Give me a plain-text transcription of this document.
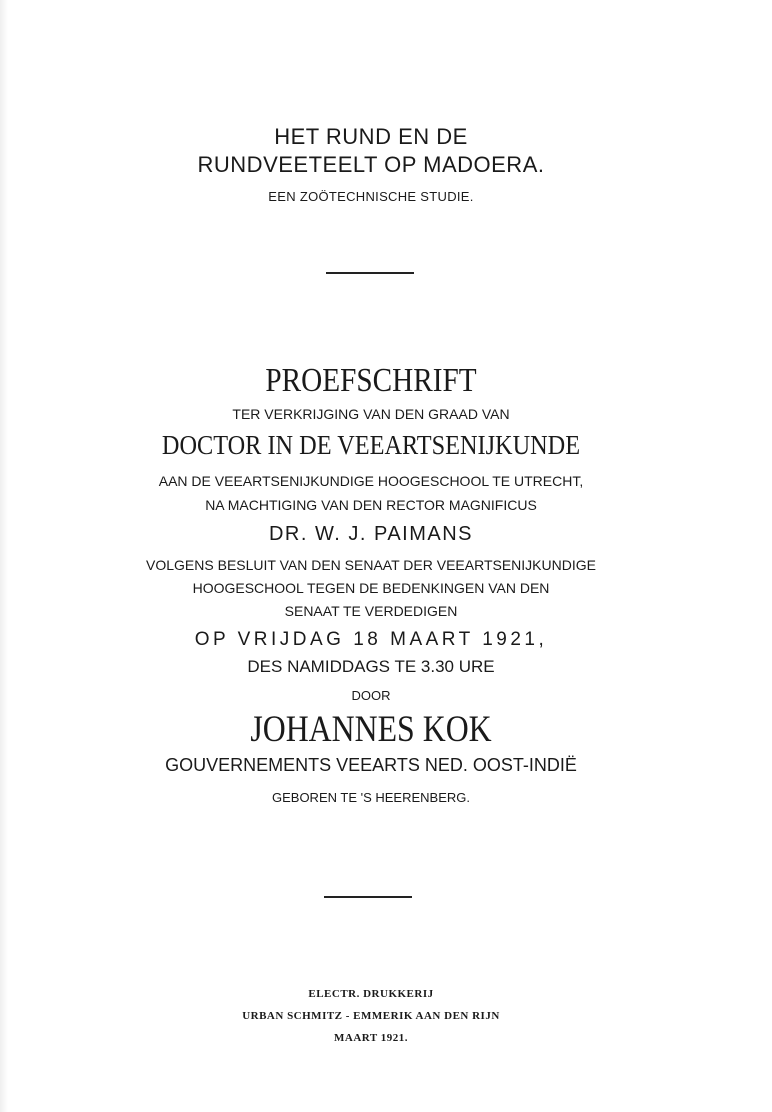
HET RUND EN DE
RUNDVEETEELT OP MADOERA.
EEN ZOÖTECHNISCHE STUDIE.
PROEFSCHRIFT
TER VERKRIJGING VAN DEN GRAAD VAN
DOCTOR IN DE VEEARTSENIJKUNDE
AAN DE VEEARTSENIJKUNDIGE HOOGESCHOOL TE UTRECHT,
NA MACHTIGING VAN DEN RECTOR MAGNIFICUS
DR. W. J. PAIMANS
VOLGENS BESLUIT VAN DEN SENAAT DER VEEARTSENIJKUNDIGE
HOOGESCHOOL TEGEN DE BEDENKINGEN VAN DEN
SENAAT TE VERDEDIGEN
OP VRIJDAG 18 MAART 1921,
DES NAMIDDAGS TE 3.30 URE
DOOR
JOHANNES KOK
GOUVERNEMENTS VEEARTS NED. OOST-INDIË
GEBOREN TE 'S HEERENBERG.
ELECTR. DRUKKERIJ
URBAN SCHMITZ - EMMERIK AAN DEN RIJN
MAART 1921.
